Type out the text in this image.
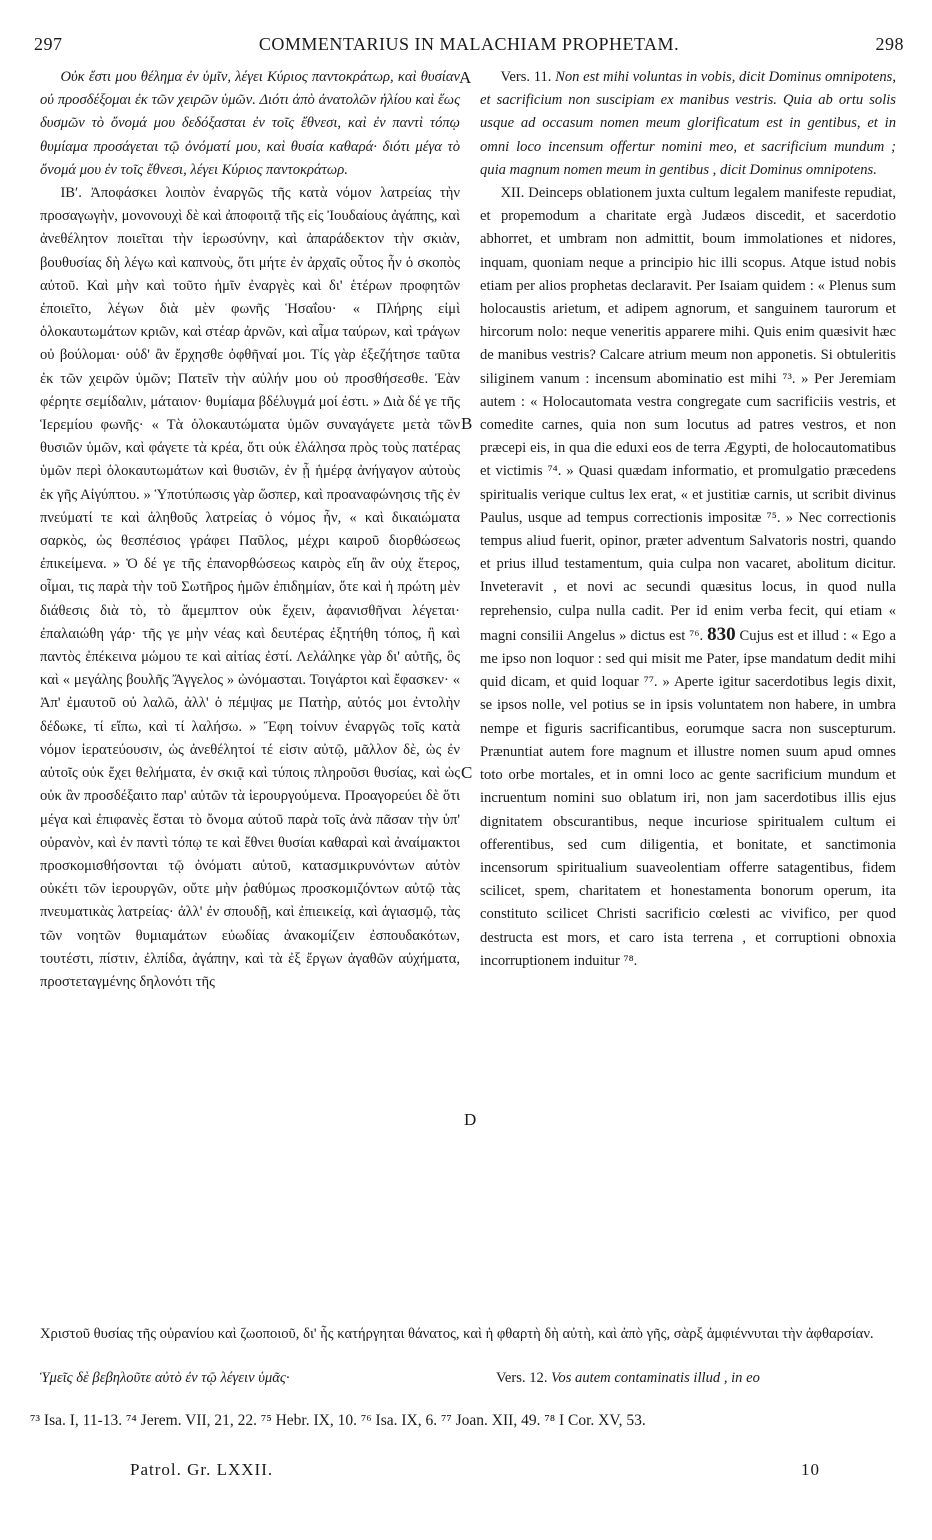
297	COMMENTARIUS IN MALACHIAM PROPHETAM.	298
A
B
C
D

Οὐκ ἔστι μου θέλημα ἐν ὑμῖν, λέγει Κύριος παντοκράτωρ, καὶ θυσίαν οὐ προσδέξομαι ἐκ τῶν χειρῶν ὑμῶν. Διότι ἀπὸ ἀνατολῶν ἡλίου καὶ ἕως δυσμῶν τὸ ὄνομά μου δεδόξασται ἐν τοῖς ἔθνεσι, καὶ ἐν παντὶ τόπῳ θυμίαμα προσάγεται τῷ ὀνόματί μου, καὶ θυσία καθαρά· διότι μέγα τὸ ὄνομά μου ἐν τοῖς ἔθνεσι, λέγει Κύριος παντοκράτωρ.

ΙΒʹ. Ἀποφάσκει λοιπὸν ἐναργῶς τῆς κατὰ νόμον λατρείας τὴν προσαγωγὴν, μονονουχὶ δὲ καὶ ἀποφοιτᾷ τῆς εἰς Ἰουδαίους ἀγάπης, καὶ ἀνεθέλητον ποιεῖται τὴν ἱερωσύνην, καὶ ἀπαράδεκτον τὴν σκιὰν, βουθυσίας δὴ λέγω καὶ καπνοὺς, ὅτι μήτε ἐν ἀρχαῖς οὗτος ἦν ὁ σκοπὸς αὐτοῦ. Καὶ μὴν καὶ τοῦτο ἡμῖν ἐναργὲς καὶ δι' ἑτέρων προφητῶν ἐποιεῖτο, λέγων διὰ μὲν φωνῆς Ἡσαΐου· « Πλήρης εἰμὶ ὁλοκαυτωμάτων κριῶν, καὶ στέαρ ἀρνῶν, καὶ αἷμα ταύρων, καὶ τράγων οὐ βούλομαι· οὐδ' ἂν ἔρχησθε ὀφθῆναί μοι. Τίς γὰρ ἐξεζήτησε ταῦτα ἐκ τῶν χειρῶν ὑμῶν; Πατεῖν τὴν αὐλήν μου οὐ προσθήσεσθε. Ἐὰν φέρητε σεμίδαλιν, μάταιον· θυμίαμα βδέλυγμά μοί ἐστι. » Διὰ δέ γε τῆς Ἱερεμίου φωνῆς· « Τὰ ὁλοκαυτώματα ὑμῶν συναγάγετε μετὰ τῶν θυσιῶν ὑμῶν, καὶ φάγετε τὰ κρέα, ὅτι οὐκ ἐλάλησα πρὸς τοὺς πατέρας ὑμῶν περὶ ὁλοκαυτωμάτων καὶ θυσιῶν, ἐν ᾗ ἡμέρᾳ ἀνήγαγον αὐτοὺς ἐκ γῆς Αἰγύπτου. » Ὑποτύπωσις γὰρ ὥσπερ, καὶ προαναφώνησις τῆς ἐν πνεύματί τε καὶ ἀληθοῦς λατρείας ὁ νόμος ἦν, « καὶ δικαιώματα σαρκὸς, ὡς θεσπέσιος γράφει Παῦλος, μέχρι καιροῦ διορθώσεως ἐπικείμενα. » Ὁ δέ γε τῆς ἐπανορθώσεως καιρὸς εἴη ἂν οὐχ ἕτερος, οἶμαι, τις παρὰ τὴν τοῦ Σωτῆρος ἡμῶν ἐπιδημίαν, ὅτε καὶ ἡ πρώτη μὲν διάθεσις διὰ τὸ, τὸ ἄμεμπτον οὐκ ἔχειν, ἀφανισθῆναι λέγεται· ἐπαλαιώθη γάρ· τῆς γε μὴν νέας καὶ δευτέρας ἐξητήθη τόπος, ἢ καὶ παντὸς ἐπέκεινα μώμου τε καὶ αἰτίας ἐστί. Λελάληκε γὰρ δι' αὐτῆς, ὃς καὶ « μεγάλης βουλῆς Ἄγγελος » ὠνόμασται. Τοιγάρτοι καὶ ἔφασκεν· « Ἀπ' ἐμαυτοῦ οὐ λαλῶ, ἀλλ' ὁ πέμψας με Πατὴρ, αὐτός μοι ἐντολὴν δέδωκε, τί εἴπω, καὶ τί λαλήσω. » Ἔφη τοίνυν ἐναργῶς τοῖς κατὰ νόμον ἱερατεύουσιν, ὡς ἀνεθέλητοί τέ εἰσιν αὐτῷ, μᾶλλον δὲ, ὡς ἐν αὐτοῖς οὐκ ἔχει θελήματα, ἐν σκιᾷ καὶ τύποις πληροῦσι θυσίας, καὶ ὡς οὐκ ἂν προσδέξαιτο παρ' αὐτῶν τὰ ἱερουργούμενα. Προαγορεύει δὲ ὅτι μέγα καὶ ἐπιφανὲς ἔσται τὸ ὄνομα αὐτοῦ παρὰ τοῖς ἀνὰ πᾶσαν τὴν ὑπ' οὐρανὸν, καὶ ἐν παντὶ τόπῳ τε καὶ ἔθνει θυσίαι καθαραὶ καὶ ἀναίμακτοι προσκομισθήσονται τῷ ὀνόματι αὐτοῦ, κατασμικρυνόντων αὐτὸν οὐκέτι τῶν ἱερουργῶν, οὔτε μὴν ῥαθύμως προσκομιζόντων αὐτῷ τὰς πνευματικὰς λατρείας· ἀλλ' ἐν σπουδῇ, καὶ ἐπιεικείᾳ, καὶ ἁγιασμῷ, τὰς τῶν νοητῶν θυμιαμάτων εὐωδίας ἀνακομίζειν ἐσπουδακότων, τουτέστι, πίστιν, ἐλπίδα, ἀγάπην, καὶ τὰ ἐξ ἔργων ἀγαθῶν αὐχήματα, προστεταγμένης δηλονότι τῆς

Vers. 11. Non est mihi voluntas in vobis, dicit Dominus omnipotens, et sacrificium non suscipiam ex manibus vestris. Quia ab ortu solis usque ad occasum nomen meum glorificatum est in gentibus, et in omni loco incensum offertur nomini meo, et sacrificium mundum ; quia magnum nomen meum in gentibus , dicit Dominus omnipotens.

XII. Deinceps oblationem juxta cultum legalem manifeste repudiat, et propemodum a charitate ergà Judæos discedit, et sacerdotio abhorret, et umbram non admittit, boum immolationes et nidores, inquam, quoniam neque a principio hic illi scopus. Atque istud nobis etiam per alios prophetas declaravit. Per Isaiam quidem : « Plenus sum holocaustis arietum, et adipem agnorum, et sanguinem taurorum et hircorum nolo: neque veneritis apparere mihi. Quis enim quæsivit hæc de manibus vestris? Calcare atrium meum non apponetis. Si obtuleritis siliginem vanum : incensum abominatio est mihi ⁷³. » Per Jeremiam autem : « Holocautomata vestra congregate cum sacrificiis vestris, et comedite carnes, quia non sum locutus ad patres vestros, et non præcepi eis, in qua die eduxi eos de terra Ægypti, de holocautomatibus et victimis ⁷⁴. » Quasi quædam informatio, et promulgatio præcedens spiritualis verique cultus lex erat, « et justitiæ carnis, ut scribit divinus Paulus, usque ad tempus correctionis impositæ ⁷⁵. » Nec correctionis tempus aliud fuerit, opinor, præter adventum Salvatoris nostri, quando et prius illud testamentum, quia culpa non vacaret, abolitum dicitur. Inveteravit , et novi ac secundi quæsitus locus, in quod nulla reprehensio, culpa nulla cadit. Per id enim verba fecit, qui etiam « magni consilii Angelus » dictus est ⁷⁶. 830 Cujus est et illud : « Ego a me ipso non loquor : sed qui misit me Pater, ipse mandatum dedit mihi quid dicam, et quid loquar ⁷⁷. » Aperte igitur sacerdotibus legis dixit, se ipsos nolle, vel potius se in ipsis voluntatem non habere, in umbra nempe et figuris sacrificantibus, eorumque sacra non suscepturum. Prænuntiat autem fore magnum et illustre nomen suum apud omnes toto orbe mortales, et in omni loco ac gente sacrificium mundum et incruentum nomini suo oblatum iri, non jam sacerdotibus illis ejus dignitatem obscurantibus, neque incuriose spiritualem cultum ei offerentibus, sed cum diligentia, et bonitate, et sanctimonia incensorum spiritualium suaveolentiam offerre satagentibus, fidem scilicet, spem, charitatem et honestamenta bonorum operum, ita constituto scilicet Christi sacrificio cœlesti ac vivifico, per quod destructa est mors, et caro ista terrena , et corruptioni obnoxia incorruptionem induitur ⁷⁸.

Χριστοῦ θυσίας τῆς οὐρανίου καὶ ζωοποιοῦ, δι' ἧς κατήργηται θάνατος, καὶ ἡ φθαρτὴ δὴ αὐτὴ, καὶ ἀπὸ γῆς, σὰρξ ἀμφιέννυται τὴν ἀφθαρσίαν.

Ὑμεῖς δὲ βεβηλοῦτε αὐτὸ ἐν τῷ λέγειν ὑμᾶς·	Vers. 12. Vos autem contaminatis illud , in eo

⁷³ Isa. I, 11-13. ⁷⁴ Jerem. VII, 21, 22. ⁷⁵ Hebr. IX, 10. ⁷⁶ Isa. IX, 6. ⁷⁷ Joan. XII, 49. ⁷⁸ I Cor. XV, 53.

Patrol. Gr. LXXII.	10
